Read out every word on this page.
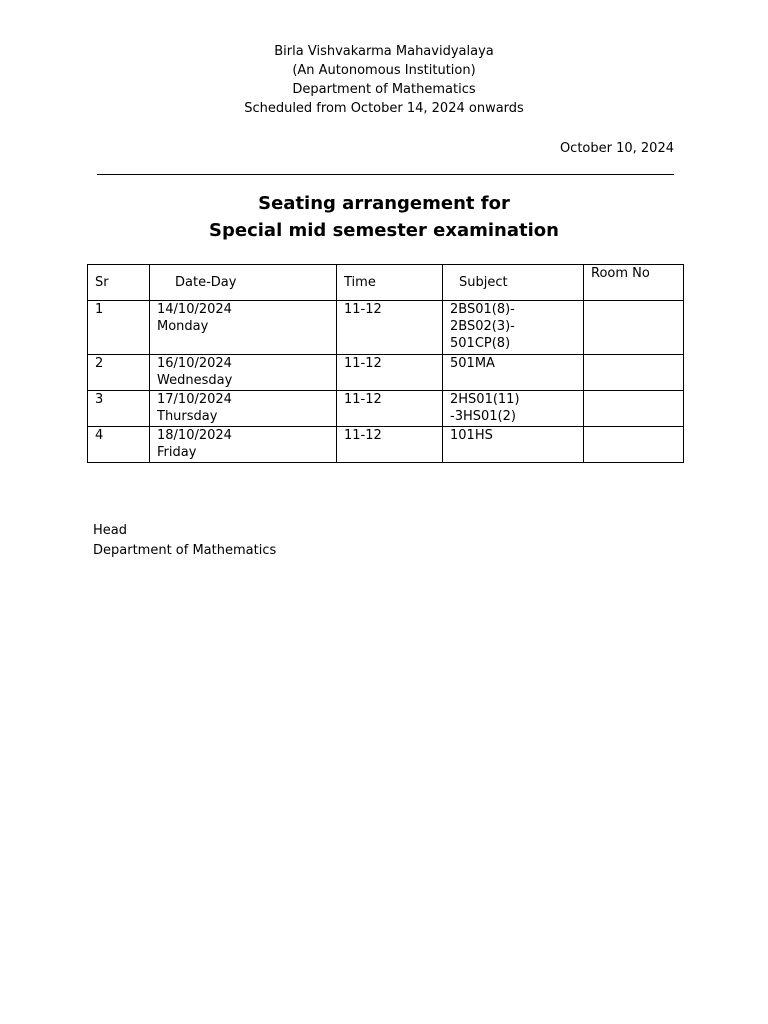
Birla Vishvakarma Mahavidyalaya
(An Autonomous Institution)
Department of Mathematics
Scheduled from October 14, 2024 onwards
October 10, 2024
Seating arrangement for
Special mid semester examination
Sr	Date-Day	Time	Subject	Room No
1	14/10/2024
Monday	11-12	2BS01(8)-
2BS02(3)-
501CP(8)	

2	16/10/2024
Wednesday	11-12	501MA	

3	17/10/2024
Thursday	11-12	2HS01(11)
-3HS01(2)	

4	18/10/2024
Friday	11-12	101HS	

Head
Department of Mathematics
